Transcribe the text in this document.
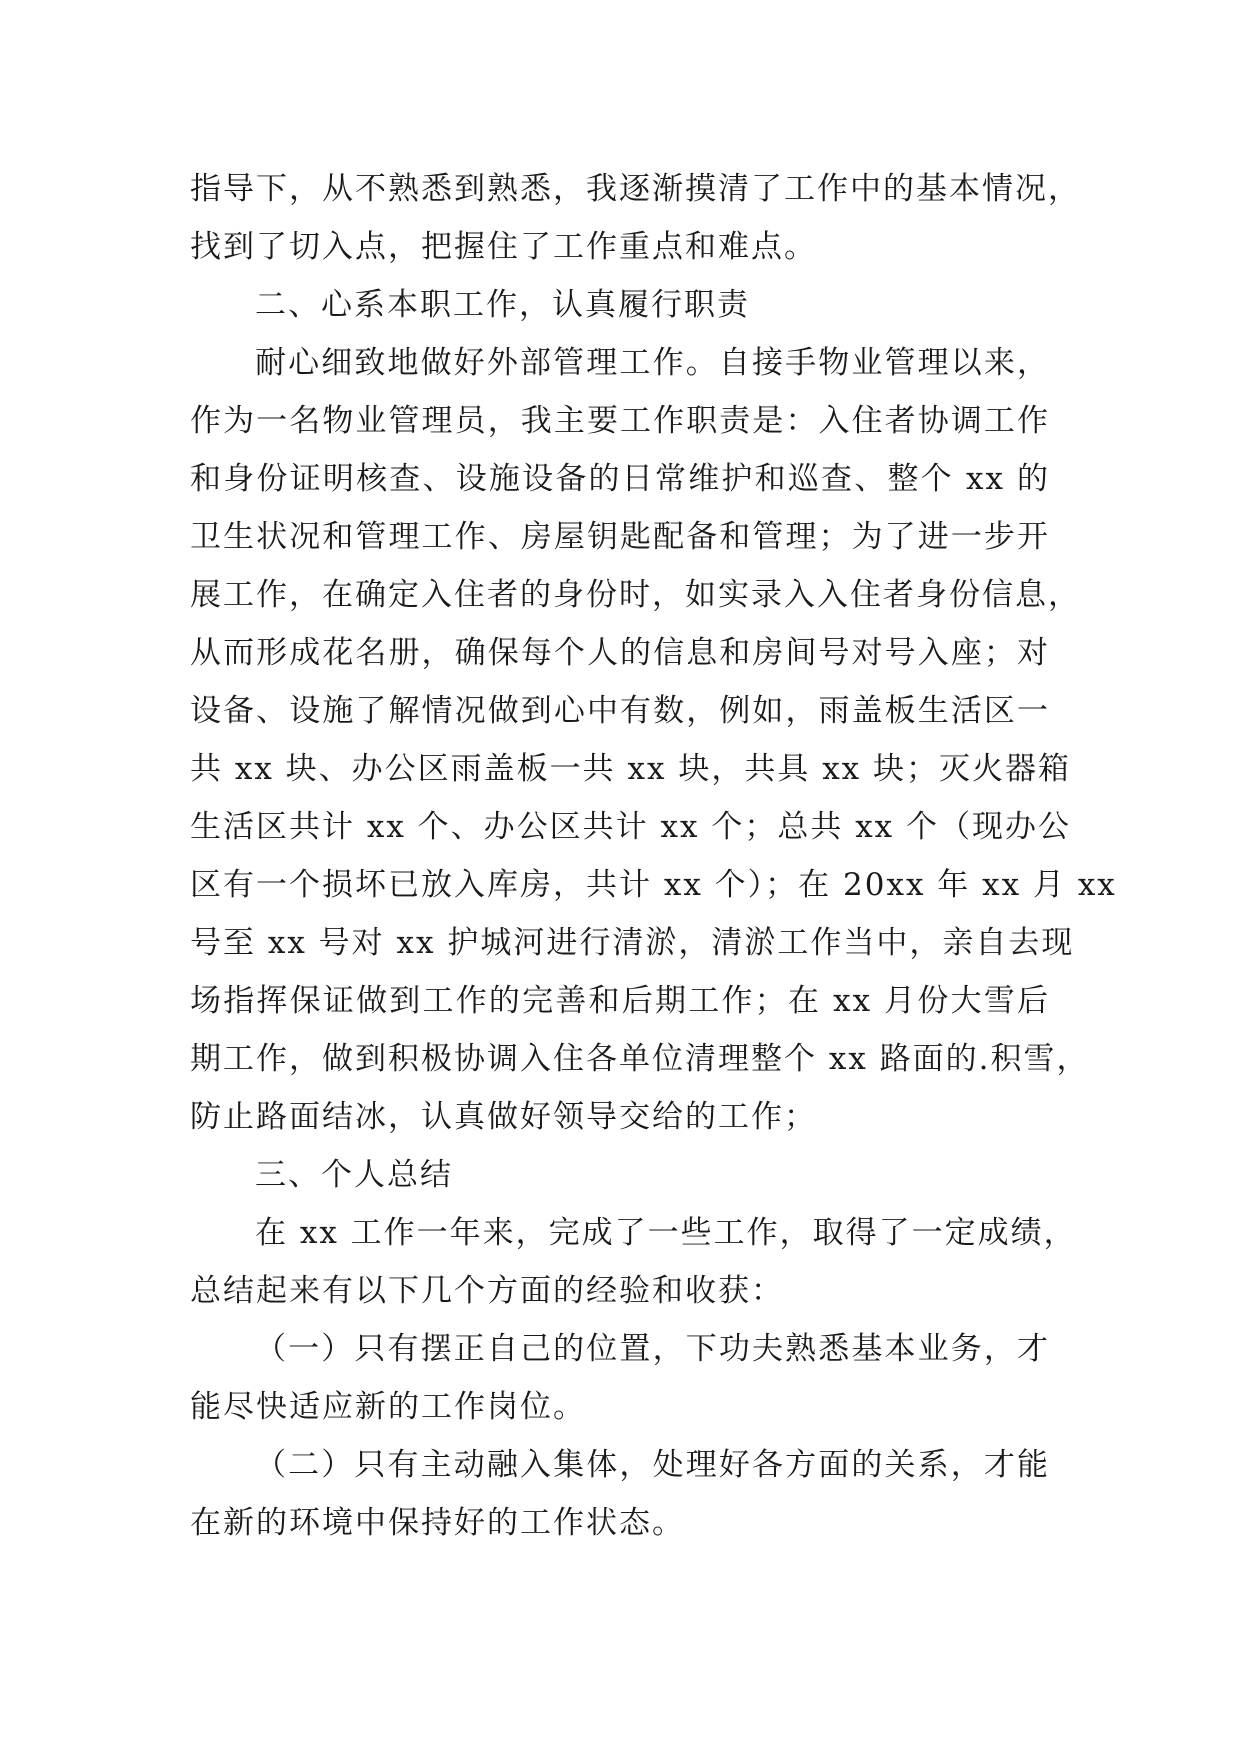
指导下，从不熟悉到熟悉，我逐渐摸清了工作中的基本情况，
找到了切入点，把握住了工作重点和难点。
二、心系本职工作，认真履行职责
耐心细致地做好外部管理工作。自接手物业管理以来，
作为一名物业管理员，我主要工作职责是：入住者协调工作
和身份证明核查、设施设备的日常维护和巡查、整个 xx 的
卫生状况和管理工作、房屋钥匙配备和管理；为了进一步开
展工作，在确定入住者的身份时，如实录入入住者身份信息，
从而形成花名册，确保每个人的信息和房间号对号入座；对
设备、设施了解情况做到心中有数，例如，雨盖板生活区一
共 xx 块、办公区雨盖板一共 xx 块，共具 xx 块；灭火器箱
生活区共计 xx 个、办公区共计 xx 个；总共 xx 个（现办公
区有一个损坏已放入库房，共计 xx 个）；在 20xx 年 xx 月 xx
号至 xx 号对 xx 护城河进行清淤，清淤工作当中，亲自去现
场指挥保证做到工作的完善和后期工作；在 xx 月份大雪后
期工作，做到积极协调入住各单位清理整个 xx 路面的.积雪，
防止路面结冰，认真做好领导交给的工作；
三、个人总结
在 xx 工作一年来，完成了一些工作，取得了一定成绩，
总结起来有以下几个方面的经验和收获：
（一）只有摆正自己的位置，下功夫熟悉基本业务，才
能尽快适应新的工作岗位。
（二）只有主动融入集体，处理好各方面的关系，才能
在新的环境中保持好的工作状态。
